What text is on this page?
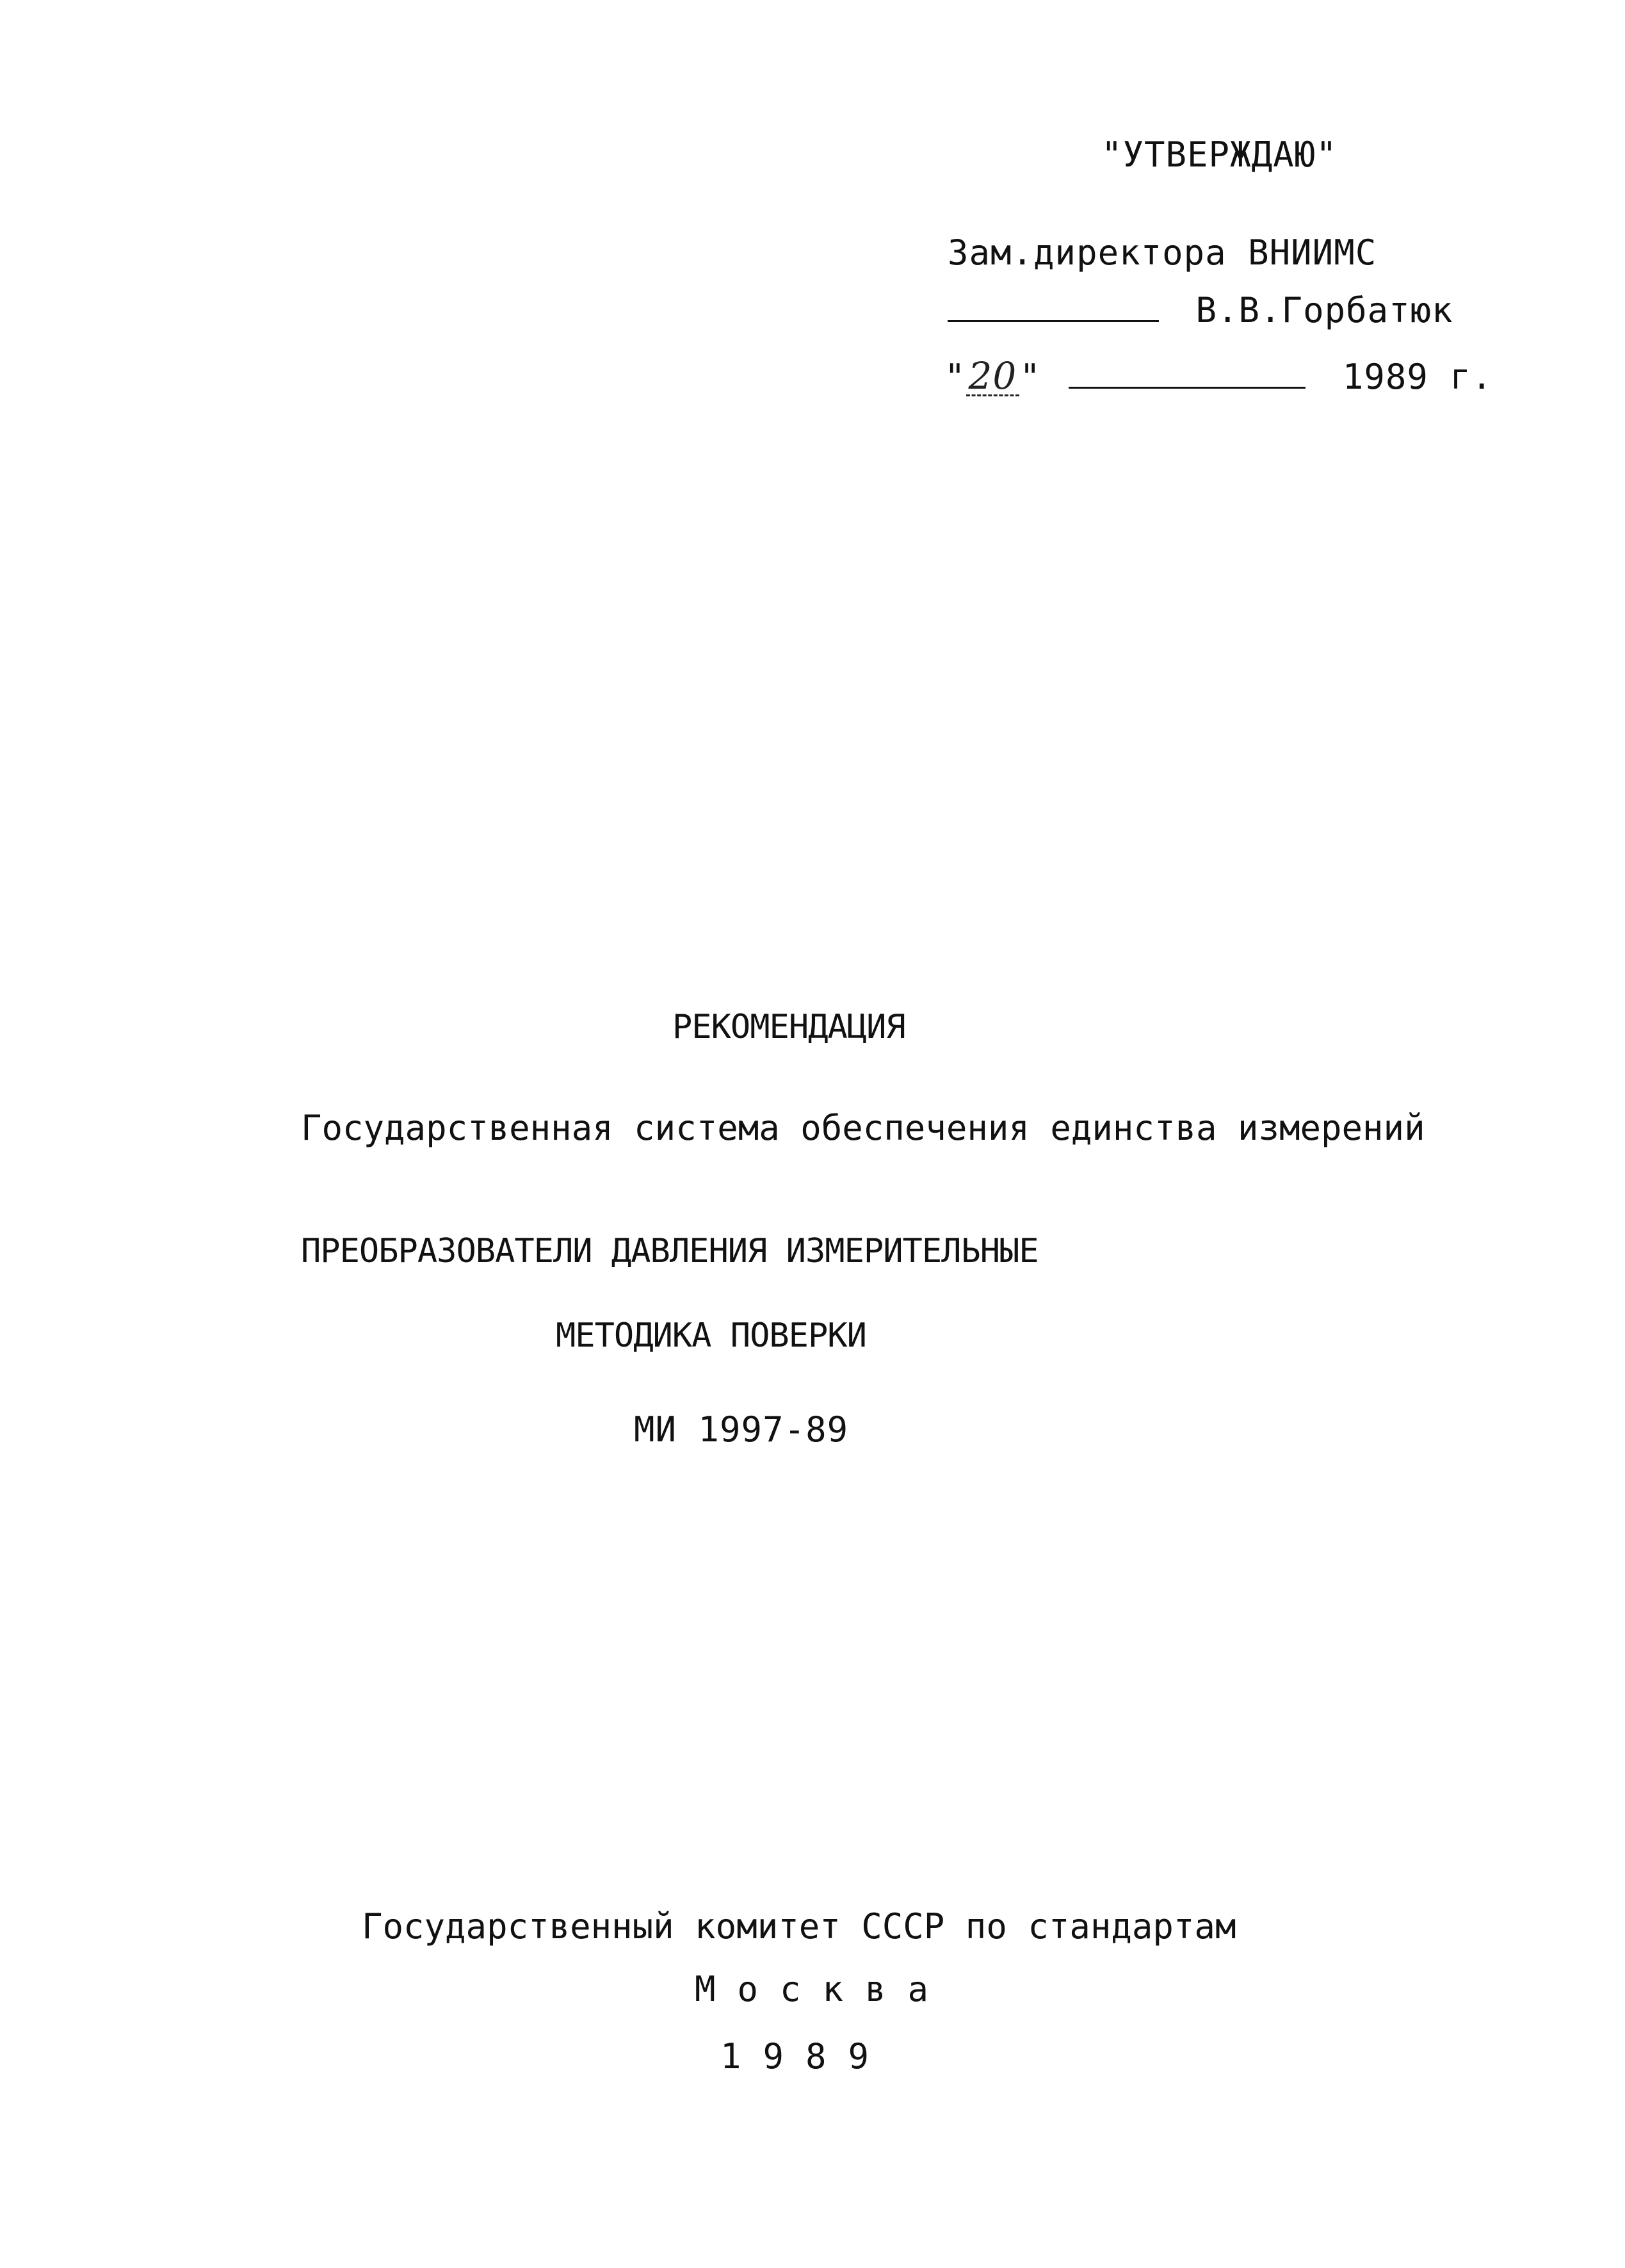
"УТВЕРЖДАЮ"
Зам.директора ВНИИМС
В.В.Горбатюк
"20"	1989 г.
РЕКОМЕНДАЦИЯ
Государственная система обеспечения единства измерений
ПРЕОБРАЗОВАТЕЛИ ДАВЛЕНИЯ ИЗМЕРИТЕЛЬНЫЕ
МЕТОДИКА ПОВЕРКИ
МИ 1997-89
Государственный комитет СССР по стандартам
Москва
1989
